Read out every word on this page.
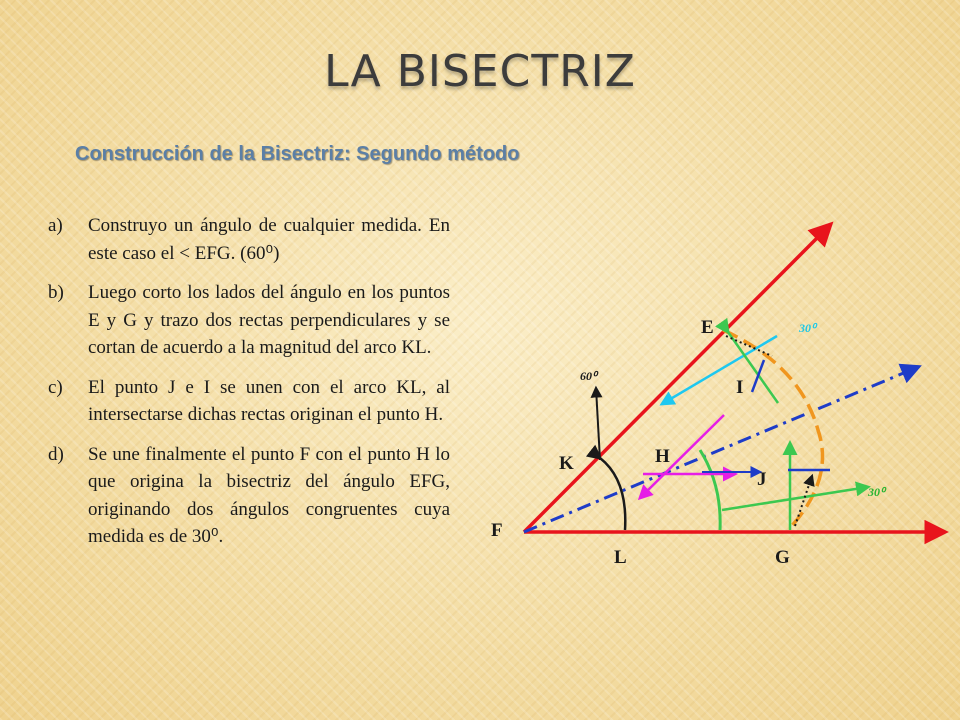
LA BISECTRIZ
Construcción de la Bisectriz: Segundo método
a)	Construyo un ángulo de cualquier medida. En este caso el < EFG. (60⁰)
b)	Luego corto los lados del ángulo en los puntos E y G y trazo dos rectas perpendiculares y se cortan de acuerdo a la magnitud del arco KL.
c)	El punto J e I se unen con el arco KL, al intersectarse dichas rectas originan el punto H.
d)	Se une finalmente el punto F con el punto H lo que origina la bisectriz del ángulo EFG, originando dos ángulos congruentes cuya medida es de 30⁰.
E
F
G
H
I
J
K
L
60⁰
30⁰
30⁰
